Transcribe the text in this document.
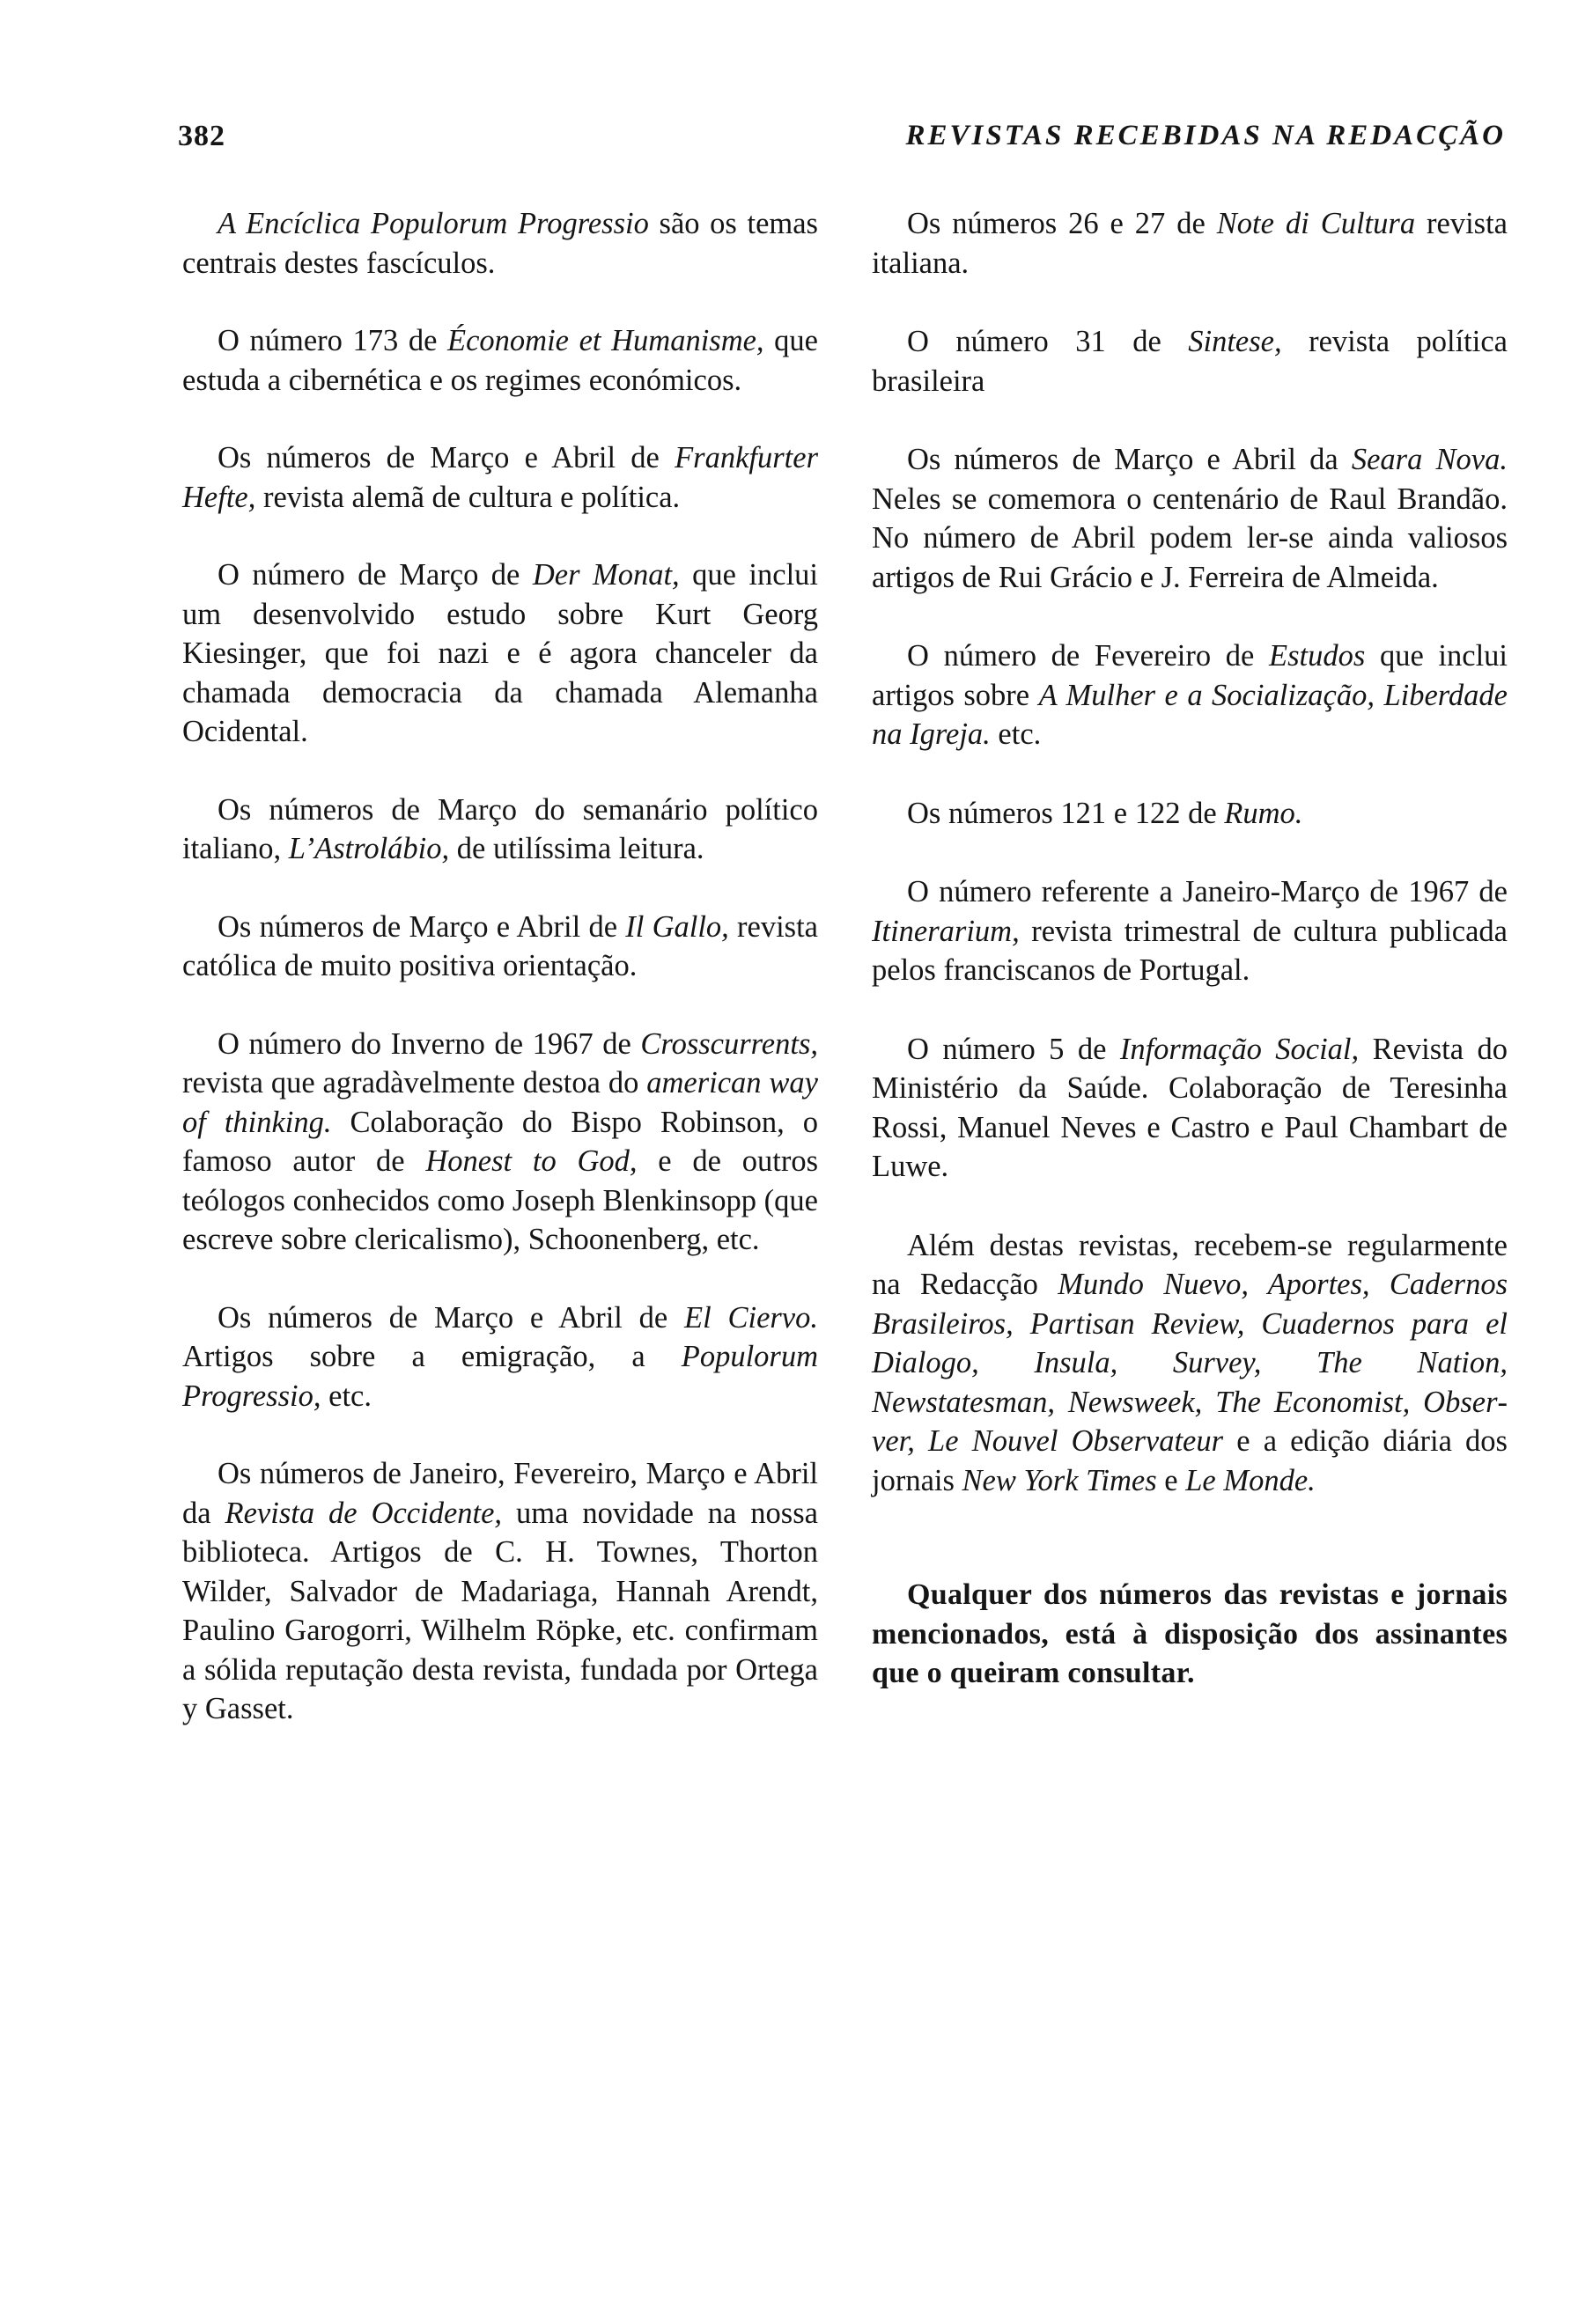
382	REVISTAS RECEBIDAS NA REDACÇÃO

A Encíclica Populorum Progressio são os temas centrais destes fascículos.

O número 173 de Économie et Humanisme, que estuda a cibernética e os regimes económicos.

Os números de Março e Abril de Frankfurter Hefte, revista alemã de cultura e política.

O número de Março de Der Monat, que inclui um desenvolvido estudo sobre Kurt Georg Kiesinger, que foi nazi e é agora chanceler da chamada democracia da chamada Alemanha Ocidental.

Os números de Março do semanário político italiano, L’Astrolábio, de utilíssima leitura.

Os números de Março e Abril de Il Gallo, revista católica de muito positiva orientação.

O número do Inverno de 1967 de Crosscurrents, revista que agradàvelmente destoa do american way of thinking. Colaboração do Bispo Robinson, o famoso autor de Honest to God, e de outros teólogos conhecidos como Joseph Blenkinsopp (que escreve sobre clericalismo), Schoonenberg, etc.

Os números de Março e Abril de El Ciervo. Artigos sobre a emigração, a Populorum Progressio, etc.

Os números de Janeiro, Fevereiro, Março e Abril da Revista de Occidente, uma novidade na nossa biblioteca. Artigos de C. H. Townes, Thorton Wilder, Salvador de Madariaga, Hannah Arendt, Paulino Garogorri, Wilhelm Röpke, etc. confirmam a sólida reputação desta revista, fundada por Ortega y Gasset.

Os números 26 e 27 de Note di Cultura revista italiana.

O número 31 de Sintese, revista política brasileira

Os números de Março e Abril da Seara Nova. Neles se comemora o centenário de Raul Brandão. No número de Abril podem ler-se ainda valiosos artigos de Rui Grácio e J. Ferreira de Almeida.

O número de Fevereiro de Estudos que inclui artigos sobre A Mulher e a Socialização, Liberdade na Igreja. etc.

Os números 121 e 122 de Rumo.

O número referente a Janeiro-Março de 1967 de Itinerarium, revista trimestral de cultura publicada pelos franciscanos de Portugal.

O número 5 de Informação Social, Revista do Ministério da Saúde. Colaboração de Teresinha Rossi, Manuel Neves e Castro e Paul Chambart de Luwe.

Além destas revistas, recebem-se regularmente na Redacção Mundo Nuevo, Aportes, Cadernos Brasileiros, Partisan Review, Cuadernos para el Dialogo, Insula, Survey, The Nation, Newstatesman, Newsweek, The Economist, Observer, Le Nouvel Observateur e a edição diária dos jornais New York Times e Le Monde.

Qualquer dos números das revistas e jornais mencionados, está à disposição dos assinantes que o queiram consultar.
